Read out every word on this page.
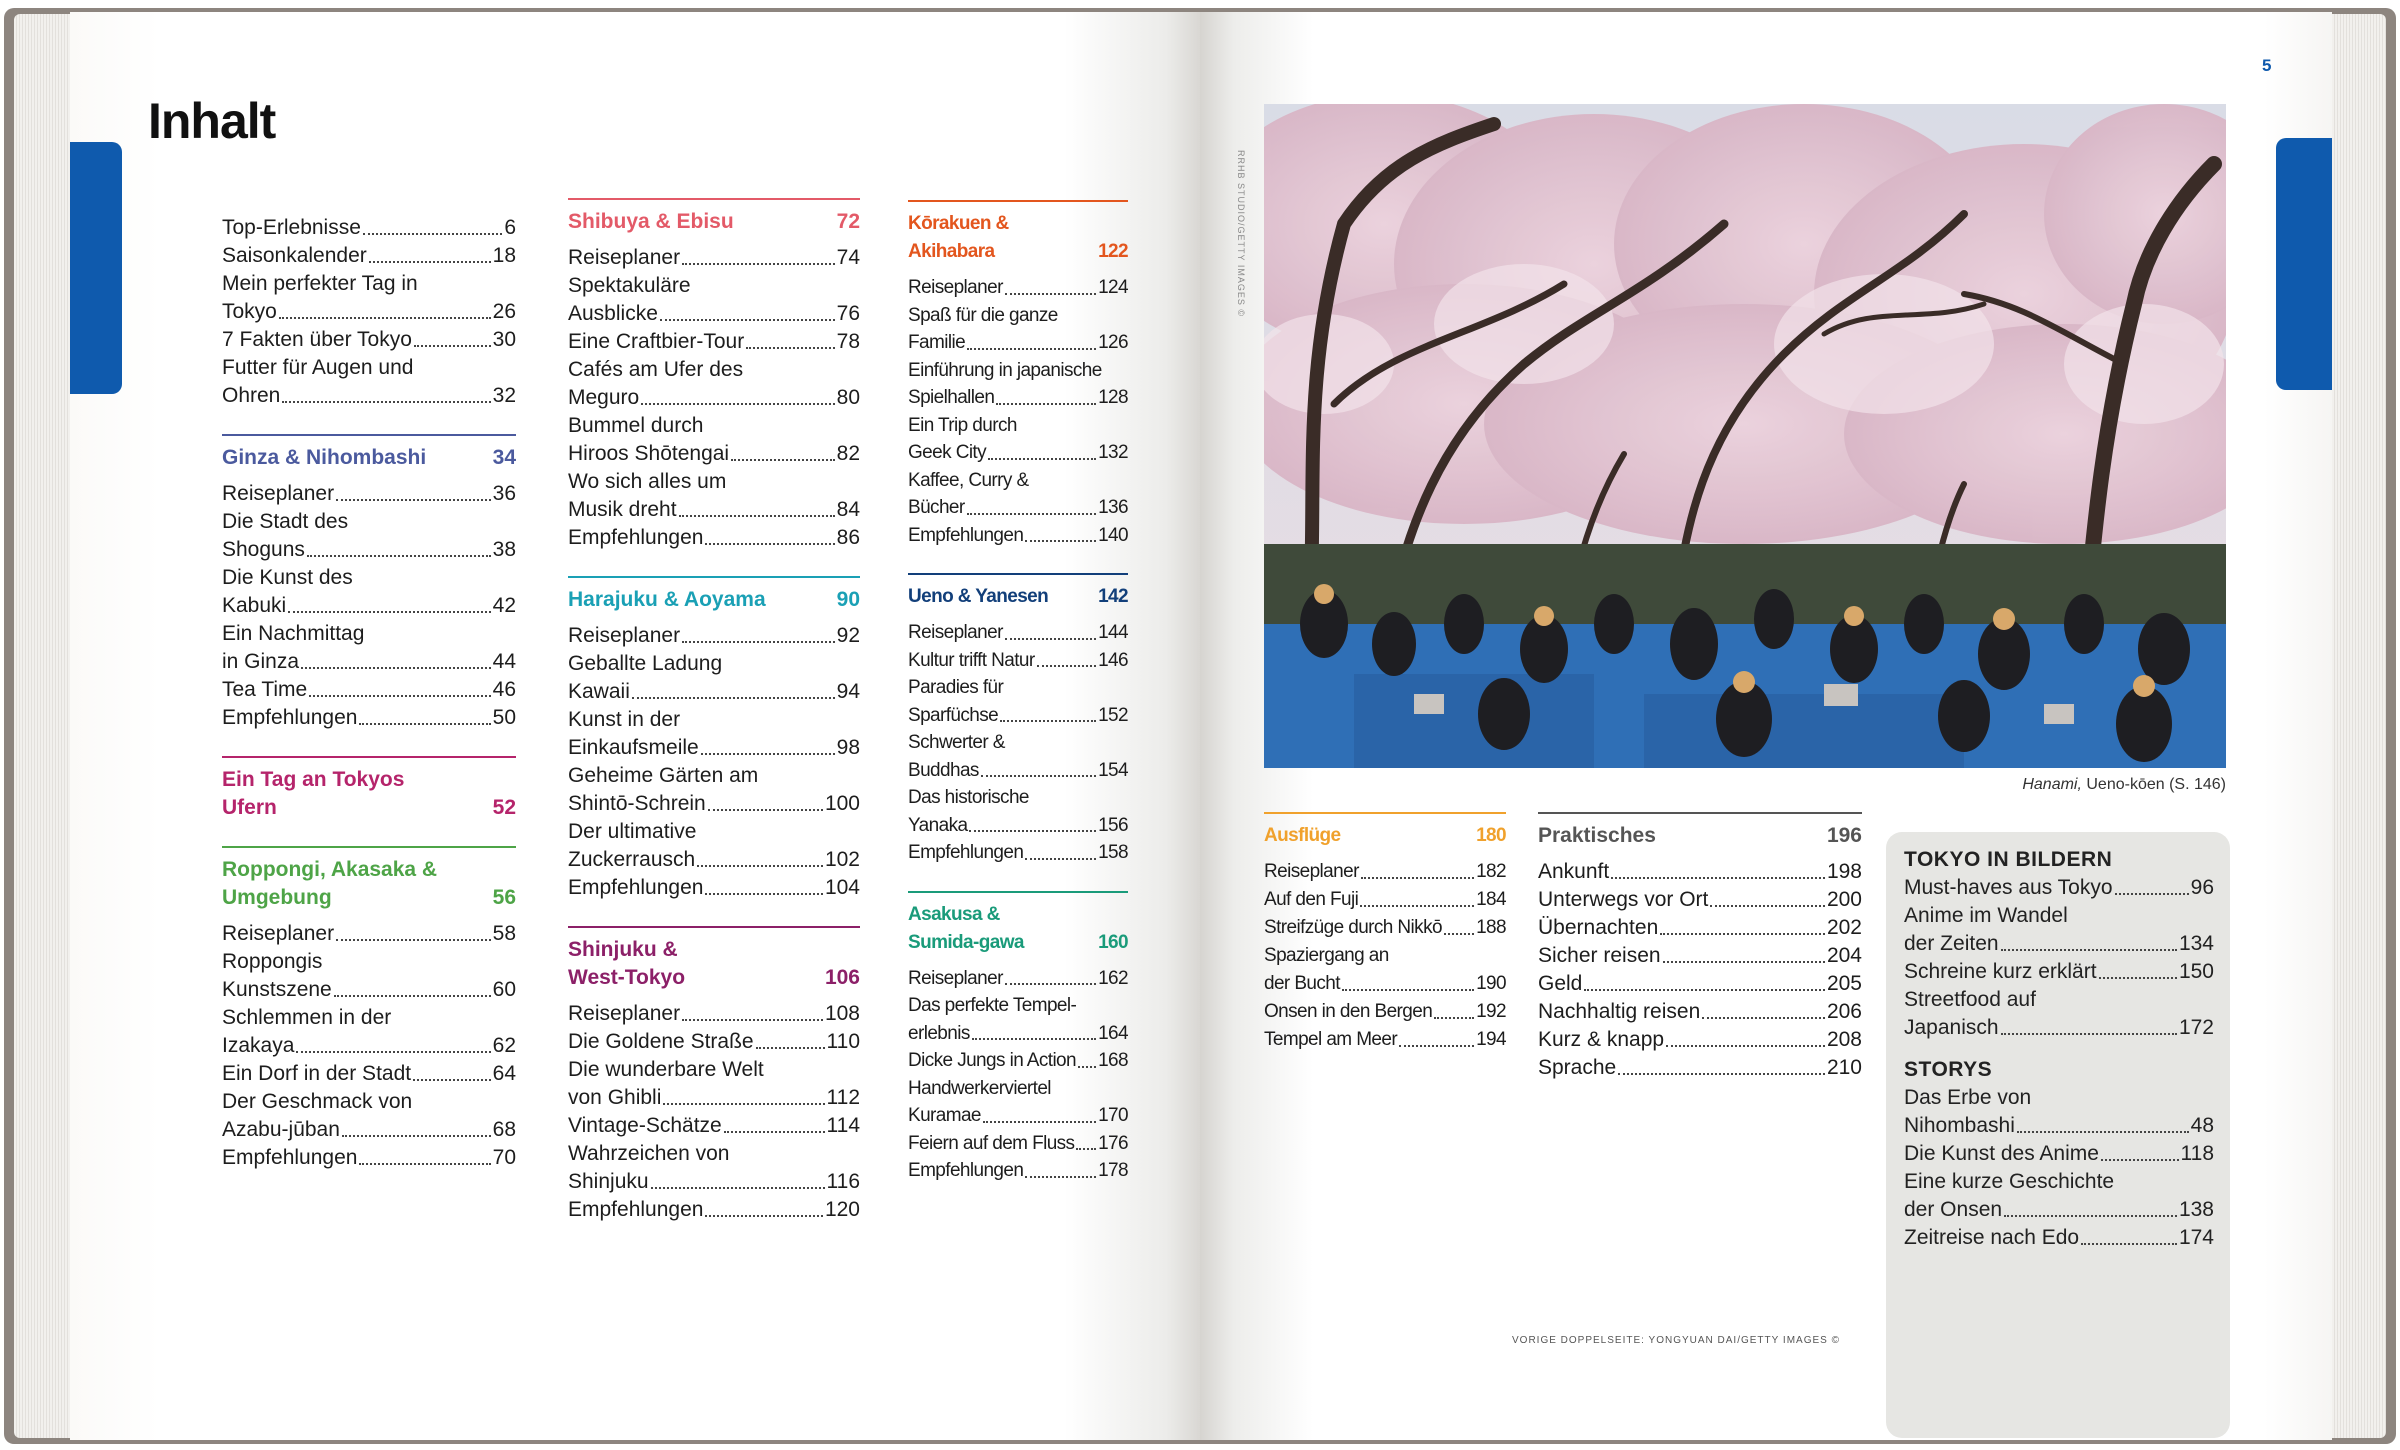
Inhalt
5
Top-Erlebnisse	6
Saisonkalender	18
Mein perfekter Tag in
Tokyo	26
7 Fakten über Tokyo	30
Futter für Augen und
Ohren	32
Ginza & Nihombashi	34
Reiseplaner	36
Die Stadt des
Shoguns	38
Die Kunst des
Kabuki	42
Ein Nachmittag
in Ginza	44
Tea Time	46
Empfehlungen	50
Ein Tag an Tokyos
Ufern	52
Roppongi, Akasaka &
Umgebung	56
Reiseplaner	58
Roppongis
Kunstszene	60
Schlemmen in der
Izakaya	62
Ein Dorf in der Stadt	64
Der Geschmack von
Azabu-jūban	68
Empfehlungen	70
Shibuya & Ebisu	72
Reiseplaner	74
Spektakuläre
Ausblicke	76
Eine Craftbier-Tour	78
Cafés am Ufer des
Meguro	80
Bummel durch
Hiroos Shōtengai	82
Wo sich alles um
Musik dreht	84
Empfehlungen	86
Harajuku & Aoyama	90
Reiseplaner	92
Geballte Ladung
Kawaii	94
Kunst in der
Einkaufsmeile	98
Geheime Gärten am
Shintō-Schrein	100
Der ultimative
Zuckerrausch	102
Empfehlungen	104
Shinjuku &
West-Tokyo	106
Reiseplaner	108
Die Goldene Straße	110
Die wunderbare Welt
von Ghibli	112
Vintage-Schätze	114
Wahrzeichen von
Shinjuku	116
Empfehlungen	120
Kōrakuen &
Akihabara	122
Reiseplaner	124
Spaß für die ganze
Familie	126
Einführung in japanische
Spielhallen	128
Ein Trip durch
Geek City	132
Kaffee, Curry &
Bücher	136
Empfehlungen	140
Ueno & Yanesen	142
Reiseplaner	144
Kultur trifft Natur	146
Paradies für
Sparfüchse	152
Schwerter &
Buddhas	154
Das historische
Yanaka	156
Empfehlungen	158
Asakusa &
Sumida-gawa	160
Reiseplaner	162
Das perfekte Tempel-
erlebnis	164
Dicke Jungs in Action 168
Handwerkerviertel
Kuramae	170
Feiern auf dem Fluss 176
Empfehlungen	178
RRHB STUDIO/GETTY IMAGES ©
Hanami, Ueno-kōen (S. 146)
Ausflüge	180
Reiseplaner	182
Auf den Fuji	184
Streifzüge durch Nikkō 188
Spaziergang an
der Bucht	190
Onsen in den Bergen 192
Tempel am Meer	194
Praktisches	196
Ankunft	198
Unterwegs vor Ort	200
Übernachten	202
Sicher reisen	204
Geld	205
Nachhaltig reisen	206
Kurz & knapp	208
Sprache	210
TOKYO IN BILDERN
Must-haves aus Tokyo	96
Anime im Wandel
der Zeiten	134
Schreine kurz erklärt	150
Streetfood auf
Japanisch	172
STORYS
Das Erbe von
Nihombashi	48
Die Kunst des Anime	118
Eine kurze Geschichte
der Onsen	138
Zeitreise nach Edo	174
VORIGE DOPPELSEITE: YONGYUAN DAI/GETTY IMAGES ©
